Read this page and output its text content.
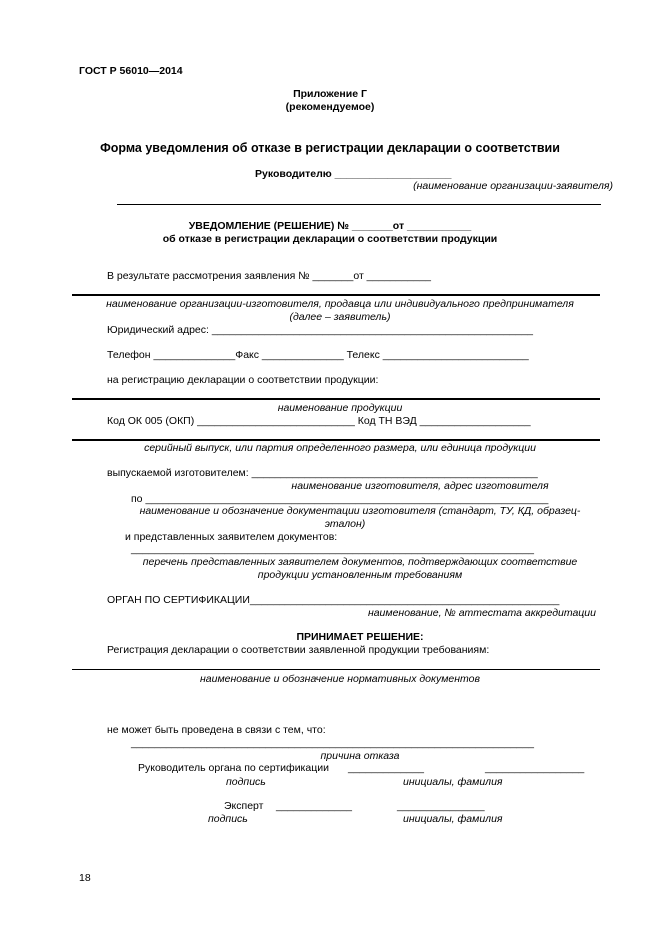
ГОСТ Р 56010—2014
Приложение Г
(рекомендуемое)
Форма уведомления об отказе в регистрации декларации о соответствии
Руководителю ____________________
(наименование организации-заявителя)
УВЕДОМЛЕНИЕ (РЕШЕНИЕ) № _______от ___________
об отказе в регистрации декларации о соответствии продукции
В результате рассмотрения заявления № _______от ___________
наименование организации-изготовителя, продавца или индивидуального предпринимателя
(далее – заявитель)
Юридический адрес: _______________________________________________________
Телефон ______________Факс ______________ Телекс _________________________
на регистрацию декларации о соответствии продукции:
наименование продукции
Код ОК 005 (ОКП) ___________________________ Код ТН ВЭД ___________________
серийный выпуск, или партия определенного размера, или единица продукции
выпускаемой изготовителем: _________________________________________________
наименование изготовителя, адрес изготовителя
по _____________________________________________________________________
наименование и обозначение документации изготовителя (стандарт, ТУ, КД, образец-
эталон)
и представленных заявителем документов:
_____________________________________________________________________
перечень представленных заявителем документов, подтверждающих соответствие
продукции установленным требованиям
ОРГАН ПО СЕРТИФИКАЦИИ_____________________________________________________
наименование, № аттестата аккредитации
ПРИНИМАЕТ РЕШЕНИЕ:
Регистрация декларации о соответствии заявленной продукции требованиям:
наименование и обозначение нормативных документов
не может быть проведена в связи с тем, что:
_____________________________________________________________________
причина отказа
Руководитель органа по сертификации _____________	_________________
подпись	инициалы, фамилия
Эксперт _____________	_______________
подпись	инициалы, фамилия
18
